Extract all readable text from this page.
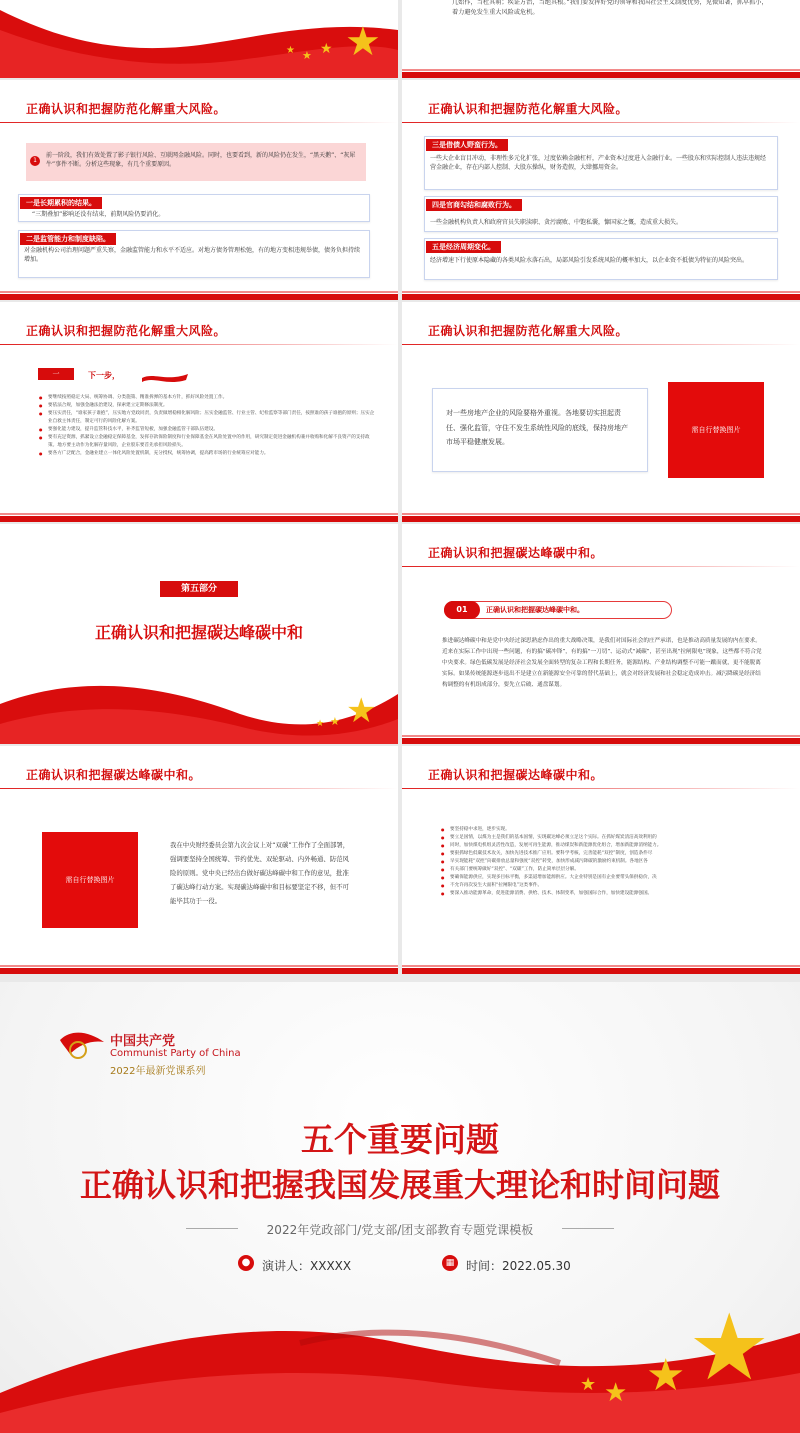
★
★
★
★
几始作，当杜其萌；疾证方治，当绝其根。”我们要发挥好党的领导和我国社会主义制度优势，见微知著，抓早抓小，着力避免发生重大风险或危机。
正确认识和把握防范化解重大风险。
1
前一阶段，我们有效处置了影子银行风险、互联网金融风险。同时，也要看到，新的风险仍在发生，“黑天鹅”、“灰犀牛”事件不断。分析这些现象，有几个重要原因。
一是长期累积的结果。
“三期叠加”影响还没有结束，前期风险仍要消化。
二是监管能力和制度缺陷。
对金融机构公司治理问题严重失察，金融监管能力和水平不适应。对地方债务管理松弛，有的地方变相违规举债，债务负担持续增加。
正确认识和把握防范化解重大风险。
三是借债人野蛮行为。
一些大企业盲目冲动，非理性多元化扩张，过度依赖金融杠杆，产业资本过度进入金融行业。一些股东和实际控制人违法违规经营金融企业，存在内部人控制、大股东操纵，财务造假，大肆挪用资金。
四是官商勾结和腐败行为。
一些金融机构负责人和政府官员失职渎职、贪污腐败、中饱私囊，慷国家之慨，造成重大损失。
五是经济周期变化。
经济增速下行使原本隐藏的各类风险水落石出，局部风险引发系统风险的概率加大，以企业资不抵债为特征的风险突出。
正确认识和把握防范化解重大风险。
一	下一步，
● 要继续按照稳定大局、统筹协调、分类施策、精准拆弹的基本方针，抓好风险处置工作。
● 要依法合规，加强金融法治建设，探索建立定期修法制度。
● 要压实责任，“谁家孩子谁抱”，压实地方党政同责，负责做增稳相化解风险；压实金融监管、行业主管、纪检监察等部门责任，按照谁的孩子谁抱的原则；压实企业自救主体责任，制定可行的风险化解方案。
● 要强化能力建设，提升监管科技水平，补齐监管短板，加强金融监管干部队伍建设。
● 要有充足资源，抓紧设立金融稳定保障基金，发挥存款保险制度和行业保障基金在风险处置中的作用，研究制定促进金融机构兼并收购和化解不良资产的支持政策。地方要主动作为化解存量风险，企业股东要首先承担风险损失。
● 要各方广泛配合，金融业建立一体化风险处置机制，充分授权，统筹协调，提高跨市场的行业统筹应对能力。
正确认识和把握防范化解重大风险。
对一些房地产企业的风险要格外重视。各地要切实担起责任、强化监管，守住不发生系统性风险的底线，保持房地产市场平稳健康发展。
需自行替换图片
第五部分
正确认识和把握碳达峰碳中和
★
★
★
正确认识和把握碳达峰碳中和。
01	正确认识和把握碳达峰碳中和。
推进碳达峰碳中和是党中央经过深思熟虑作出的重大战略决策，是我们对国际社会的庄严承诺，也是推动高质量发展的内在要求。近来在实际工作中出现一些问题，有的搞“碳冲锋”，有的搞“一刀切”、运动式“减碳”，甚至出现“拉闸限电”现象，这些都不符合党中央要求。绿色低碳发展是经济社会发展全面转型的复杂工程和长期任务，能源结构、产业结构调整不可能一蹴而就，更不能脱离实际。如果传统能源逐步退出不是建立在新能源安全可靠的替代基础上，就会对经济发展和社会稳定造成冲击。减污降碳是经济结构调整的有机组成部分，要先立后破、通盘谋划。
正确认识和把握碳达峰碳中和。
需自行替换图片
我在中央财经委员会第九次会议上对“双碳”工作作了全面部署，强调要坚持全国统筹、节约优先、双轮驱动、内外畅通、防范风险的原则。党中央已经出台做好碳达峰碳中和工作的意见，批准了碳达峰行动方案。实现碳达峰碳中和目标要坚定不移，但不可能毕其功于一役。
正确认识和把握碳达峰碳中和。
● 要坚持稳中求进，逐步实现。
● 要立足国情，以煤为主是我们的基本国情，实现碳达峰必须立足这个实际。在抓好煤炭清洁高效利用的
● 同时，加快煤电机组灵活性改造，发展可再生能源，推动煤炭和新能源优化组合，增加新能源消纳能力。
● 要狠抓绿色低碳技术攻关，加快先进技术推广应用。要科学考核，完善能耗“双控”制度，创造条件尽
● 早实现能耗“双控”向碳排放总量和强度“双控”转变，加快形成减污降碳的激励约束机制。各地区各
● 有关部门要统筹做好“双控”、“双碳”工作，防止简单层层分解。
● 要确保能源供应，实现多目标平衡，多渠道增加能源供应。大企业特别是国有企业要带头保供稳价，决
● 不允许再次发生大面积“拉闸限电”这类事件。
● 要深入推动能源革命，促进能源消费、供给、技术、体制变革，加强国际合作，加快建设能源强国。
中国共产党
Communist Party of China
2022年最新党课系列
五个重要问题
正确认识和把握我国发展重大理论和时间问题
2022年党政部门/党支部/团支部教育专题党课模板
● 演讲人：XXXXX	▦ 时间：2022.05.30
★
★
★
★
